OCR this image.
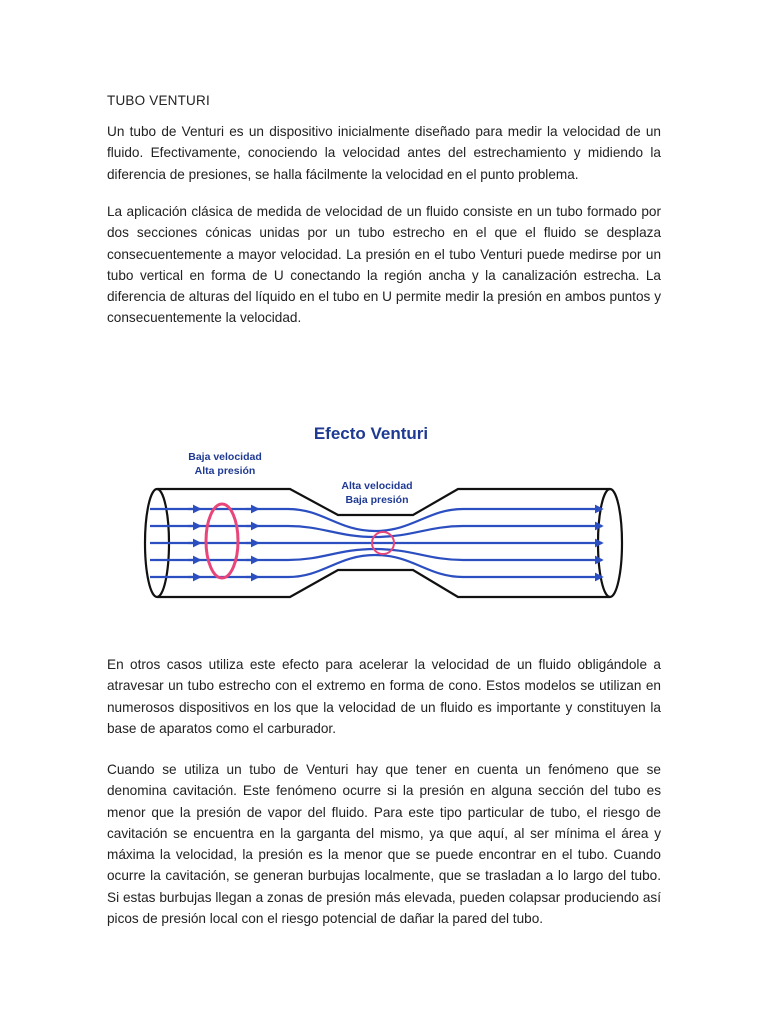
TUBO VENTURI

Un tubo de Venturi es un dispositivo inicialmente diseñado para medir la velocidad de un fluido. Efectivamente, conociendo la velocidad antes del estrechamiento y midiendo la diferencia de presiones, se halla fácilmente la velocidad en el punto problema.

La aplicación clásica de medida de velocidad de un fluido consiste en un tubo formado por dos secciones cónicas unidas por un tubo estrecho en el que el fluido se desplaza consecuentemente a mayor velocidad. La presión en el tubo Venturi puede medirse por un tubo vertical en forma de U conectando la región ancha y la canalización estrecha. La diferencia de alturas del líquido en el tubo en U permite medir la presión en ambos puntos y consecuentemente la velocidad.

Efecto Venturi
Baja velocidad
Alta presión
Alta velocidad
Baja presión

En otros casos utiliza este efecto para acelerar la velocidad de un fluido obligándole a atravesar un tubo estrecho con el extremo en forma de cono. Estos modelos se utilizan en numerosos dispositivos en los que la velocidad de un fluido es importante y constituyen la base de aparatos como el carburador.

Cuando se utiliza un tubo de Venturi hay que tener en cuenta un fenómeno que se denomina cavitación. Este fenómeno ocurre si la presión en alguna sección del tubo es menor que la presión de vapor del fluido. Para este tipo particular de tubo, el riesgo de cavitación se encuentra en la garganta del mismo, ya que aquí, al ser mínima el área y máxima la velocidad, la presión es la menor que se puede encontrar en el tubo. Cuando ocurre la cavitación, se generan burbujas localmente, que se trasladan a lo largo del tubo. Si estas burbujas llegan a zonas de presión más elevada, pueden colapsar produciendo así picos de presión local con el riesgo potencial de dañar la pared del tubo.
